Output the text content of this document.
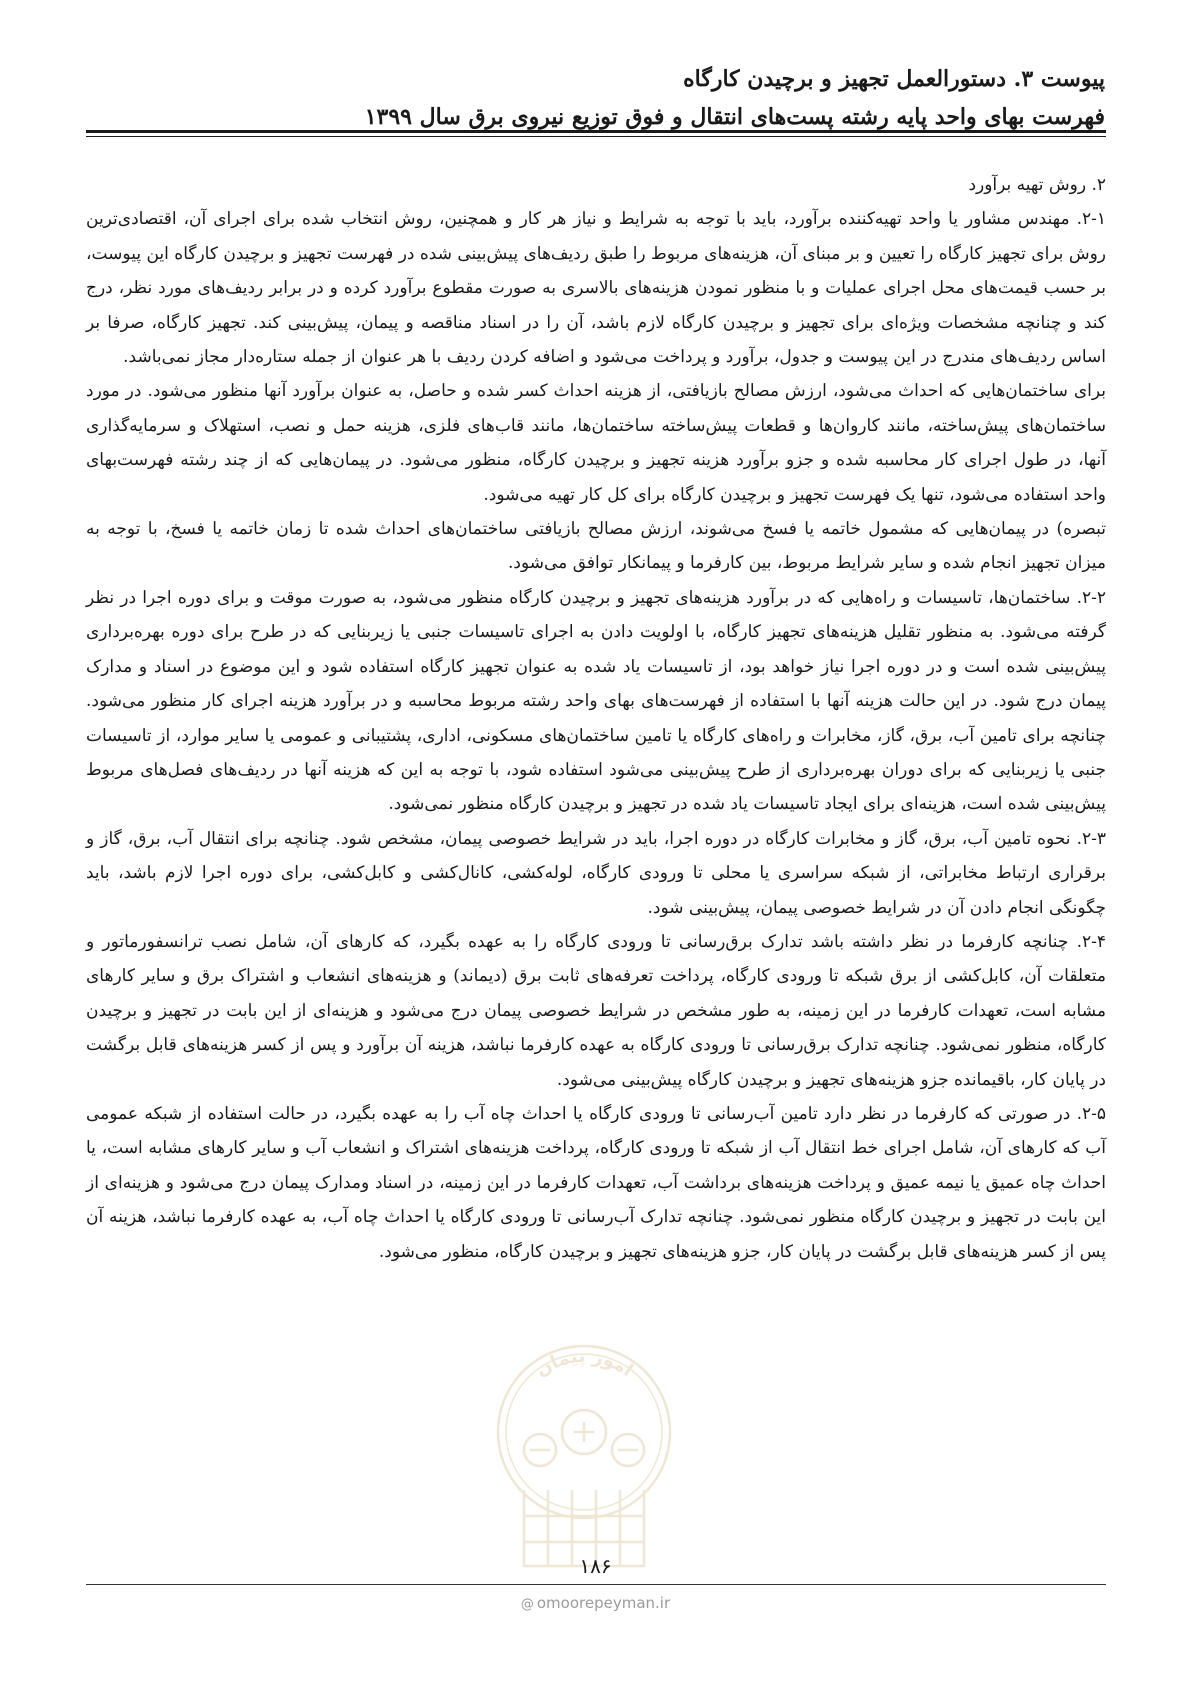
پیوست ۳. دستورالعمل تجهیز و برچیدن کارگاه
فهرست بهای واحد پایه رشته پست‌های انتقال و فوق توزیع نیروی برق سال ۱۳۹۹

۲. روش تهیه برآورد

۲-۱. مهندس مشاور یا واحد تهیه‌کننده برآورد، باید با توجه به شرایط و نیاز هر کار و همچنین، روش انتخاب شده برای اجرای آن، اقتصادی‌ترین روش برای تجهیز کارگاه را تعیین و بر مبنای آن، هزینه‌های مربوط را طبق ردیف‌های پیش‌بینی شده در فهرست تجهیز و برچیدن کارگاه این پیوست، بر حسب قیمت‌های محل اجرای عملیات و با منظور نمودن هزینه‌های بالاسری به صورت مقطوع برآورد کرده و در برابر ردیف‌های مورد نظر، درج کند و چنانچه مشخصات ویژه‌ای برای تجهیز و برچیدن کارگاه لازم باشد، آن را در اسناد مناقصه و پیمان، پیش‌بینی کند. تجهیز کارگاه، صرفا بر اساس ردیف‌های مندرج در این پیوست و جدول، برآورد و پرداخت می‌شود و اضافه کردن ردیف با هر عنوان از جمله ستاره‌دار مجاز نمی‌باشد.

برای ساختمان‌هایی که احداث می‌شود، ارزش مصالح بازیافتی، از هزینه احداث کسر شده و حاصل، به عنوان برآورد آنها منظور می‌شود. در مورد ساختمان‌های پیش‌ساخته، مانند کاروان‌ها و قطعات پیش‌ساخته ساختمان‌ها، مانند قاب‌های فلزی، هزینه حمل و نصب، استهلاک و سرمایه‌گذاری آنها، در طول اجرای کار محاسبه شده و جزو برآورد هزینه تجهیز و برچیدن کارگاه، منظور می‌شود. در پیمان‌هایی که از چند رشته فهرست‌بهای واحد استفاده می‌شود، تنها یک فهرست تجهیز و برچیدن کارگاه برای کل کار تهیه می‌شود.

تبصره) در پیمان‌هایی که مشمول خاتمه یا فسخ می‌شوند، ارزش مصالح بازیافتی ساختمان‌های احداث شده تا زمان خاتمه یا فسخ، با توجه به میزان تجهیز انجام شده و سایر شرایط مربوط، بین کارفرما و پیمانکار توافق می‌شود.

۲-۲. ساختمان‌ها، تاسیسات و راه‌هایی که در برآورد هزینه‌های تجهیز و برچیدن کارگاه منظور می‌شود، به صورت موقت و برای دوره اجرا در نظر گرفته می‌شود. به منظور تقلیل هزینه‌های تجهیز کارگاه، با اولویت دادن به اجرای تاسیسات جنبی یا زیربنایی که در طرح برای دوره بهره‌برداری پیش‌بینی شده است و در دوره اجرا نیاز خواهد بود، از تاسیسات یاد شده به عنوان تجهیز کارگاه استفاده شود و این موضوع در اسناد و مدارک پیمان درج شود. در این حالت هزینه آنها با استفاده از فهرست‌های بهای واحد رشته مربوط محاسبه و در برآورد هزینه اجرای کار منظور می‌شود. چنانچه برای تامین آب، برق، گاز، مخابرات و راه‌های کارگاه یا تامین ساختمان‌های مسکونی، اداری، پشتیبانی و عمومی یا سایر موارد، از تاسیسات جنبی یا زیربنایی که برای دوران بهره‌برداری از طرح پیش‌بینی می‌شود استفاده شود، با توجه به این که هزینه آنها در ردیف‌های فصل‌های مربوط پیش‌بینی شده است، هزینه‌ای برای ایجاد تاسیسات یاد شده در تجهیز و برچیدن کارگاه منظور نمی‌شود.

۲-۳. نحوه تامین آب، برق، گاز و مخابرات کارگاه در دوره اجرا، باید در شرایط خصوصی پیمان، مشخص شود. چنانچه برای انتقال آب، برق، گاز و برقراری ارتباط مخابراتی، از شبکه سراسری یا محلی تا ورودی کارگاه، لوله‌کشی، کانال‌کشی و کابل‌کشی، برای دوره اجرا لازم باشد، باید چگونگی انجام دادن آن در شرایط خصوصی پیمان، پیش‌بینی شود.

۲-۴. چنانچه کارفرما در نظر داشته باشد تدارک برق‌رسانی تا ورودی کارگاه را به عهده بگیرد، که کارهای آن، شامل نصب ترانسفورماتور و متعلقات آن، کابل‌کشی از برق شبکه تا ورودی کارگاه، پرداخت تعرفه‌های ثابت برق (دیماند) و هزینه‌های انشعاب و اشتراک برق و سایر کارهای مشابه است، تعهدات کارفرما در این زمینه، به طور مشخص در شرایط خصوصی پیمان درج می‌شود و هزینه‌ای از این بابت در تجهیز و برچیدن کارگاه، منظور نمی‌شود. چنانچه تدارک برق‌رسانی تا ورودی کارگاه به عهده کارفرما نباشد، هزینه آن برآورد و پس از کسر هزینه‌های قابل برگشت در پایان کار، باقیمانده جزو هزینه‌های تجهیز و برچیدن کارگاه پیش‌بینی می‌شود.

۲-۵. در صورتی که کارفرما در نظر دارد تامین آب‌رسانی تا ورودی کارگاه یا احداث چاه آب را به عهده بگیرد، در حالت استفاده از شبکه عمومی آب که کارهای آن، شامل اجرای خط انتقال آب از شبکه تا ورودی کارگاه، پرداخت هزینه‌های اشتراک و انشعاب آب و سایر کارهای مشابه است، یا احداث چاه عمیق یا نیمه عمیق و پرداخت هزینه‌های برداشت آب، تعهدات کارفرما در این زمینه، در اسناد ومدارک پیمان درج می‌شود و هزینه‌ای از این بابت در تجهیز و برچیدن کارگاه منظور نمی‌شود. چنانچه تدارک آب‌رسانی تا ورودی کارگاه یا احداث چاه آب، به عهده کارفرما نباشد، هزینه آن پس از کسر هزینه‌های قابل برگشت در پایان کار، جزو هزینه‌های تجهیز و برچیدن کارگاه، منظور می‌شود.

امور پیمان
۱۸۶
@ omoorepeyman.ir
